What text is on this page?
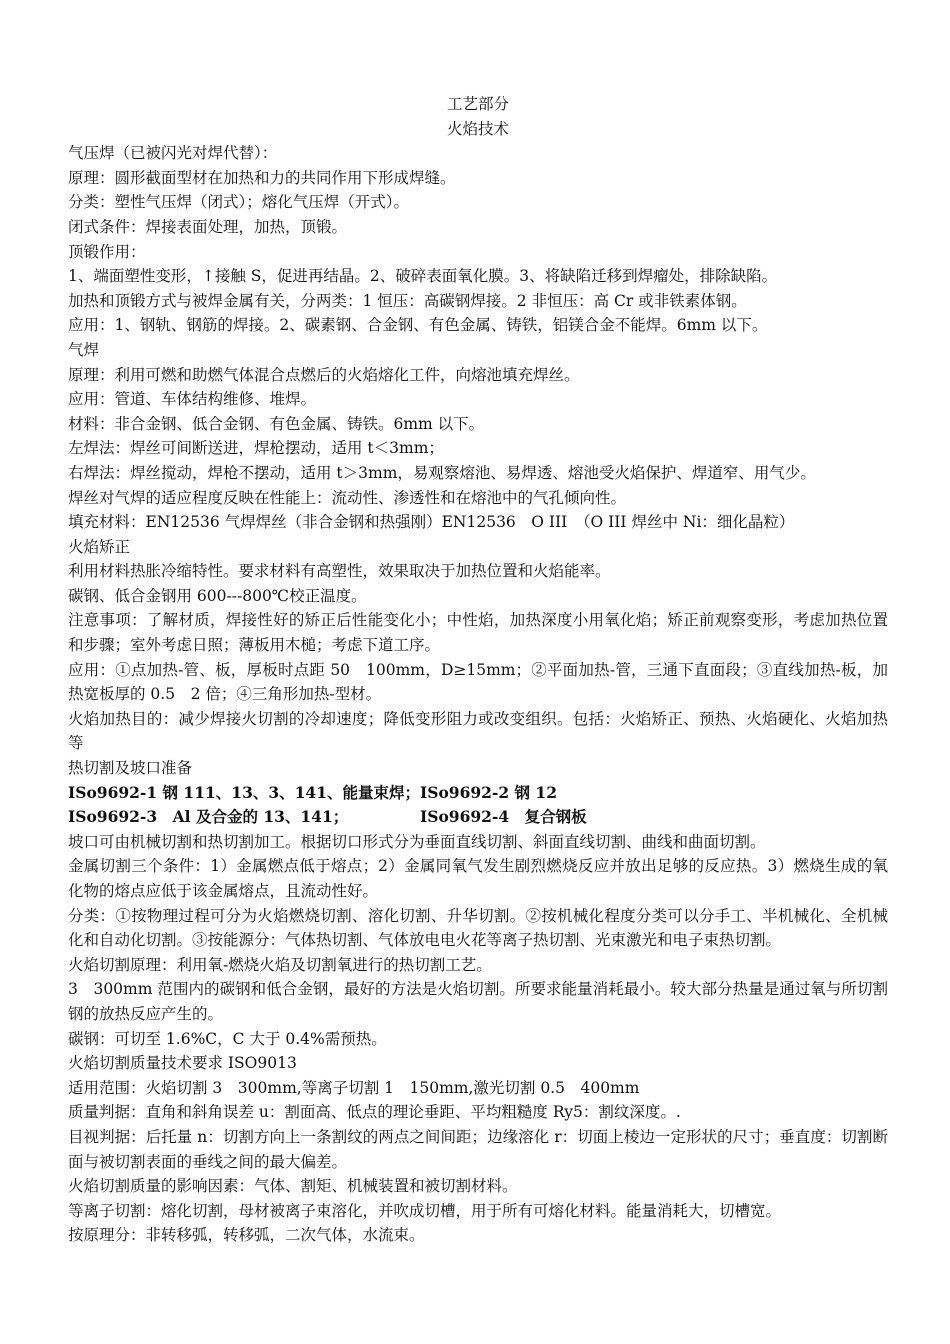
工艺部分
火焰技术
气压焊（已被闪光对焊代替）：
原理：圆形截面型材在加热和力的共同作用下形成焊缝。
分类：塑性气压焊（闭式）；熔化气压焊（开式）。
闭式条件：焊接表面处理，加热，顶锻。
顶锻作用：
1、端面塑性变形，↑接触 S，促进再结晶。2、破碎表面氧化膜。3、将缺陷迁移到焊瘤处，排除缺陷。
加热和顶锻方式与被焊金属有关，分两类：1 恒压：高碳钢焊接。2 非恒压：高 Cr 或非铁素体钢。
应用：1、钢轨、钢筋的焊接。2、碳素钢、合金钢、有色金属、铸铁，铝镁合金不能焊。6mm 以下。
气焊
原理：利用可燃和助燃气体混合点燃后的火焰熔化工件，向熔池填充焊丝。
应用：管道、车体结构维修、堆焊。
材料：非合金钢、低合金钢、有色金属、铸铁。6mm 以下。
左焊法：焊丝可间断送进，焊枪摆动，适用 t＜3mm；
右焊法：焊丝搅动，焊枪不摆动，适用 t＞3mm，易观察熔池、易焊透、熔池受火焰保护、焊道窄、用气少。
焊丝对气焊的适应程度反映在性能上：流动性、渗透性和在熔池中的气孔倾向性。
填充材料：EN12536 气焊焊丝（非合金钢和热强刚）EN12536　O III　（O III 焊丝中 Ni：细化晶粒）
火焰矫正
利用材料热胀冷缩特性。要求材料有高塑性，效果取决于加热位置和火焰能率。
碳钢、低合金钢用 600---800℃校正温度。
注意事项：了解材质，焊接性好的矫正后性能变化小；中性焰，加热深度小用氧化焰；矫正前观察变形，考虑加热位置和步骤；室外考虑日照；薄板用木槌；考虑下道工序。
应用：①点加热-管、板，厚板时点距 50　100mm，D≥15mm；②平面加热-管，三通下直面段；③直线加热-板，加热宽板厚的 0.5　2 倍；④三角形加热-型材。
火焰加热目的：减少焊接火切割的冷却速度；降低变形阻力或改变组织。包括：火焰矫正、预热、火焰硬化、火焰加热等
热切割及坡口准备
ISo9692-1 钢 111、13、3、141、能量束焊； ISo9692-2 钢 12
ISo9692-3　Al 及合金的 13、141；	ISo9692-4　复合钢板
坡口可由机械切割和热切割加工。根据切口形式分为垂面直线切割、斜面直线切割、曲线和曲面切割。
金属切割三个条件：1）金属燃点低于熔点；2）金属同氧气发生剧烈燃烧反应并放出足够的反应热。3）燃烧生成的氧化物的熔点应低于该金属熔点，且流动性好。
分类：①按物理过程可分为火焰燃烧切割、溶化切割、升华切割。②按机械化程度分类可以分手工、半机械化、全机械化和自动化切割。③按能源分：气体热切割、气体放电电火花等离子热切割、光束激光和电子束热切割。
火焰切割原理：利用氧-燃烧火焰及切割氧进行的热切割工艺。
3　300mm 范围内的碳钢和低合金钢，最好的方法是火焰切割。所要求能量消耗最小。较大部分热量是通过氧与所切割钢的放热反应产生的。
碳钢：可切至 1.6%C，C 大于 0.4%需预热。
火焰切割质量技术要求 ISO9013
适用范围：火焰切割 3　300mm,等离子切割 1　150mm,激光切割 0.5　400mm
质量判据：直角和斜角误差 u：割面高、低点的理论垂距、平均粗糙度 Ry5：割纹深度。.
目视判据：后托量 n：切割方向上一条割纹的两点之间间距；边缘溶化 r：切面上棱边一定形状的尺寸；垂直度：切割断面与被切割表面的垂线之间的最大偏差。
火焰切割质量的影响因素：气体、割矩、机械装置和被切割材料。
等离子切割：熔化切割，母材被离子束溶化，并吹成切槽，用于所有可熔化材料。能量消耗大，切槽宽。
按原理分：非转移弧，转移弧，二次气体，水流束。
